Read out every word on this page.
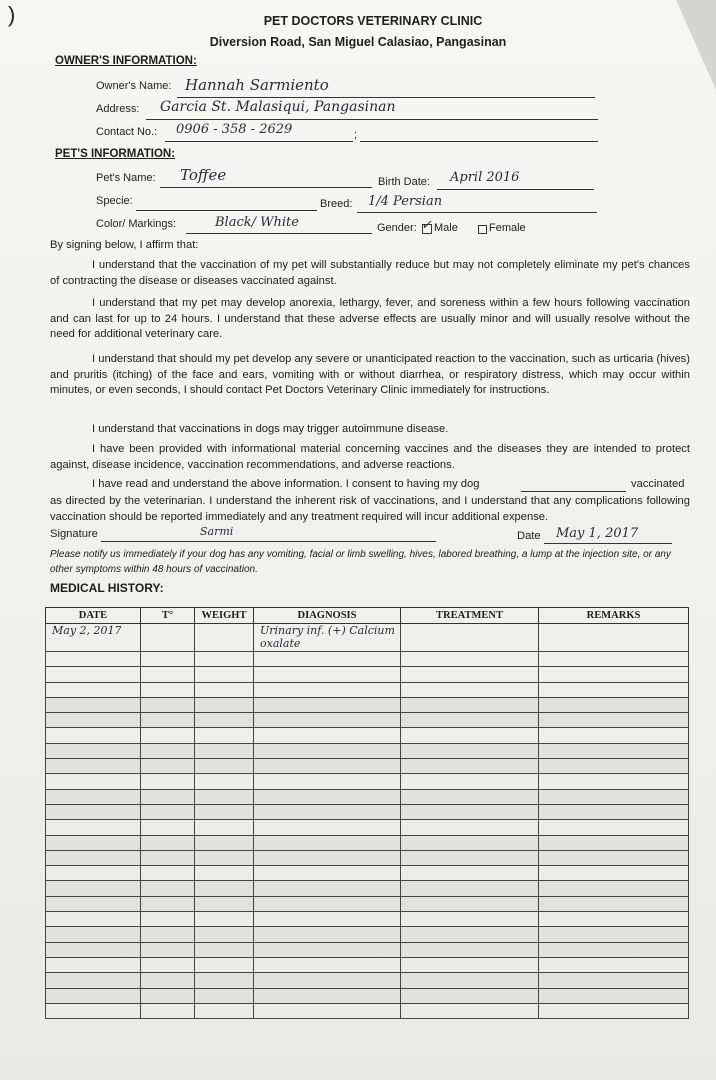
)	PET DOCTORS VETERINARY CLINIC
Diversion Road, San Miguel Calasiao, Pangasinan
OWNER'S INFORMATION:
Owner's Name: Hannah Sarmiento
Address: Garcia St. Malasiqui, Pangasinan
Contact No.:	;
0906 - 358 - 2629
PET'S INFORMATION:
Pet's Name: Toffee	Birth Date: April 2016
Specie:	Breed: 1/4 Persian
Color/ Markings:	Black/ White	Gender: ✓ Male	Female
By signing below, I affirm that:
I understand that the vaccination of my pet will substantially reduce but may not completely eliminate my pet's chances of contracting the disease or diseases vaccinated against.
I understand that my pet may develop anorexia, lethargy, fever, and soreness within a few hours following vaccination and can last for up to 24 hours. I understand that these adverse effects are usually minor and will usually resolve without the need for additional veterinary care.
I understand that should my pet develop any severe or unanticipated reaction to the vaccination, such as urticaria (hives) and pruritis (itching) of the face and ears, vomiting with or without diarrhea, or respiratory distress, which may occur within minutes, or even seconds, I should contact Pet Doctors Veterinary Clinic immediately for instructions.
I understand that vaccinations in dogs may trigger autoimmune disease.
I have been provided with informational material concerning vaccines and the diseases they are intended to protect against, disease incidence, vaccination recommendations, and adverse reactions.
I have read and understand the above information. I consent to having my dog	vaccinated
as directed by the veterinarian. I understand the inherent risk of vaccinations, and I understand that any complications following vaccination should be reported immediately and any treatment required will incur additional expense.
Signature	Sarmi	Date May 1, 2017
Please notify us immediately if your dog has any vomiting, facial or limb swelling, hives, labored breathing, a lump at the injection site, or any other symptoms within 48 hours of vaccination.
MEDICAL HISTORY:
DATE	T°	WEIGHT	DIAGNOSIS	TREATMENT	REMARKS
May 2, 2017			Urinary inf. (+) Calcium oxalate		
